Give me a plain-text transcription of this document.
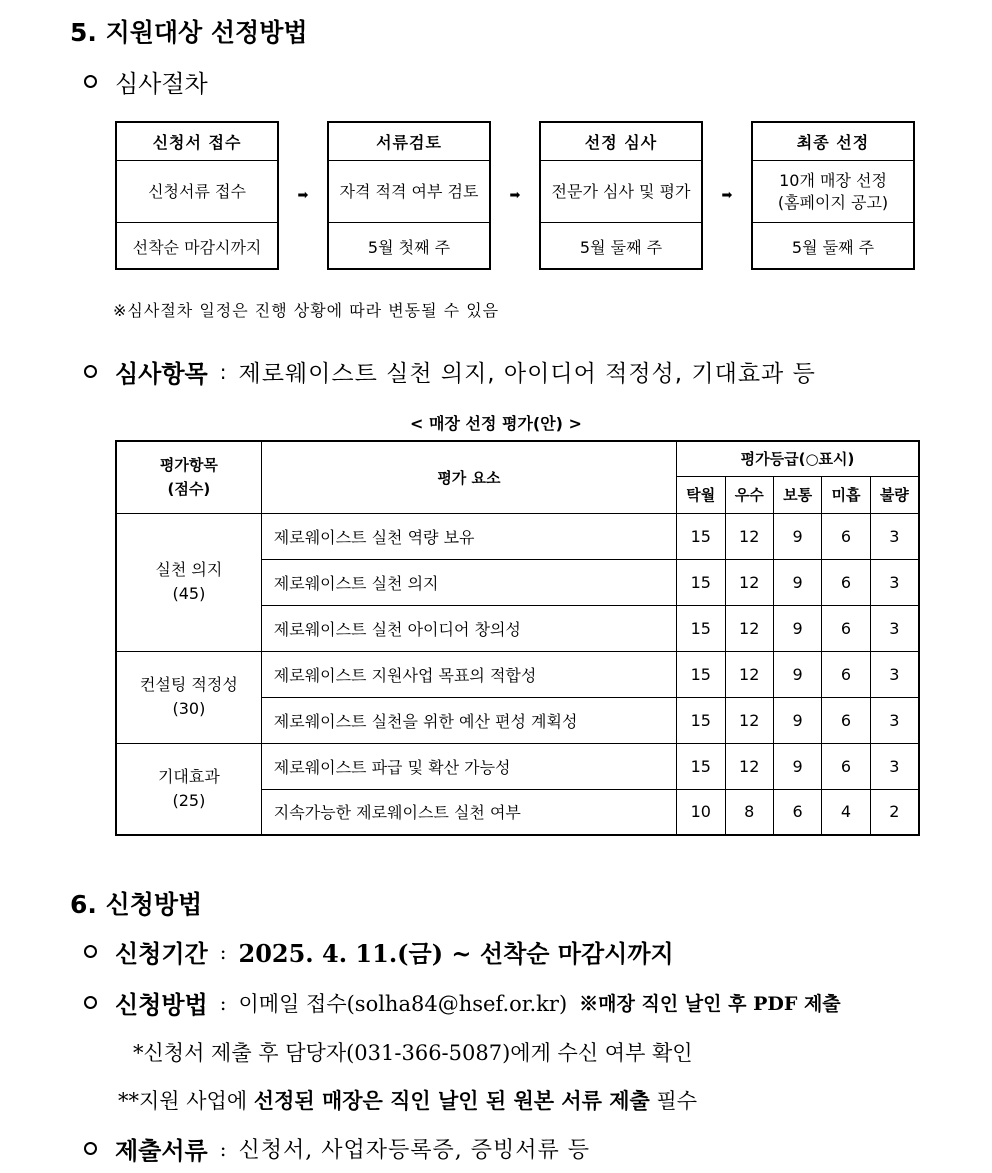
5. 지원대상 선정방법
심사절차
신청서 접수
신청서류 접수
선착순 마감시까지
➡
서류검토
자격 적격 여부 검토
5월 첫째 주
➡
선정 심사
전문가 심사 및 평가
5월 둘째 주
➡
최종 선정
10개 매장 선정
(홈페이지 공고)
5월 둘째 주
※심사절차 일정은 진행 상황에 따라 변동될 수 있음
심사항목 : 제로웨이스트 실천 의지, 아이디어 적정성, 기대효과 등
< 매장 선정 평가(안) >
평가항목
(점수)	평가 요소	평가등급(○표시)				
		탁월	우수	보통	미흡	불량

실천 의지
(45)	제로웨이스트 실천 역량 보유	15	12	9	6	3
	제로웨이스트 실천 의지	15	12	9	6	3
	제로웨이스트 실천 아이디어 창의성	15	12	9	6	3

컨설팅 적정성
(30)	제로웨이스트 지원사업 목표의 적합성	15	12	9	6	3
	제로웨이스트 실천을 위한 예산 편성 계획성	15	12	9	6	3

기대효과
(25)	제로웨이스트 파급 및 확산 가능성	15	12	9	6	3
	지속가능한 제로웨이스트 실천 여부	10	8	6	4	2
6. 신청방법
신청기간 : 2025. 4. 11.(금) ~ 선착순 마감시까지
신청방법 : 이메일 접수(solha84@hsef.or.kr) ※매장 직인 날인 후 PDF 제출
*신청서 제출 후 담당자(031-366-5087)에게 수신 여부 확인
**지원 사업에 선정된 매장은 직인 날인 된 원본 서류 제출 필수
제출서류 : 신청서, 사업자등록증, 증빙서류 등
